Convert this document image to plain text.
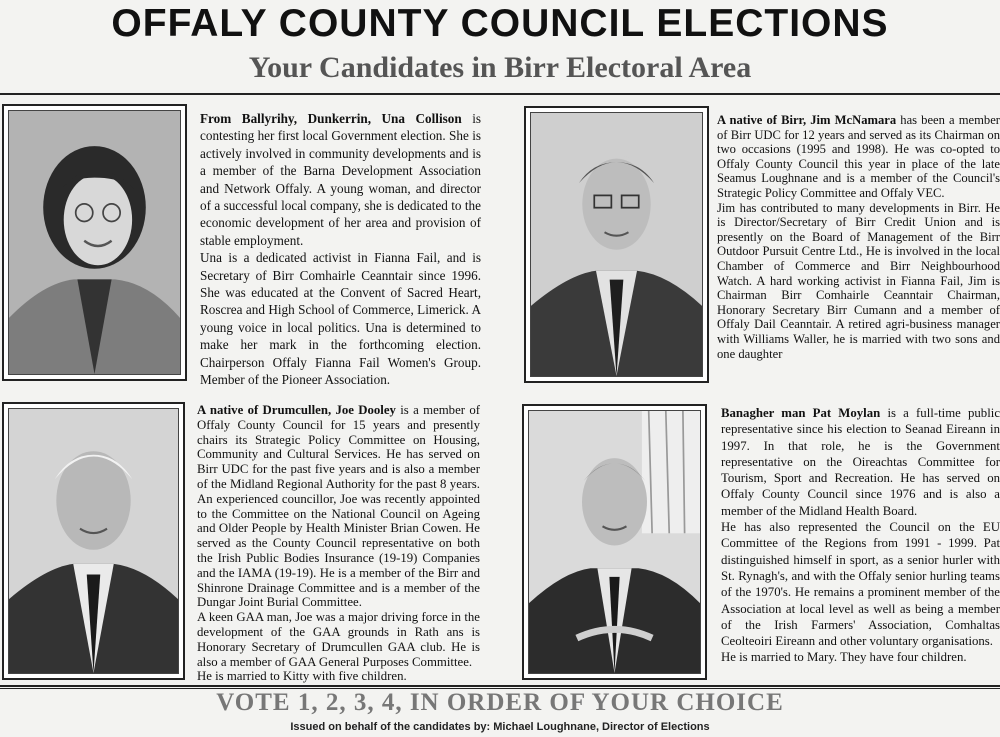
OFFALY COUNTY COUNCIL ELECTIONS
Your Candidates in Birr Electoral Area

From Ballyrihy, Dunkerrin, Una Collison is contesting her first local Government election. She is actively involved in community developments and is a member of the Barna Development Association and Network Offaly. A young woman, and director of a successful local company, she is dedicated to the economic development of her area and provision of stable employment.

Una is a dedicated activist in Fianna Fail, and is Secretary of Birr Comhairle Ceanntair since 1996. She was educated at the Convent of Sacred Heart, Roscrea and High School of Commerce, Limerick. A young voice in local politics. Una is determined to make her mark in the forthcoming election. Chairperson Offaly Fianna Fail Women's Group. Member of the Pioneer Association.

A native of Birr, Jim McNamara has been a member of Birr UDC for 12 years and served as its Chairman on two occasions (1995 and 1998). He was co-opted to Offaly County Council this year in place of the late Seamus Loughnane and is a member of the Council's Strategic Policy Committee and Offaly VEC.

Jim has contributed to many developments in Birr. He is Director/Secretary of Birr Credit Union and is presently on the Board of Management of the Birr Outdoor Pursuit Centre Ltd., He is involved in the local Chamber of Commerce and Birr Neighbourhood Watch. A hard working activist in Fianna Fail, Jim is Chairman Birr Comhairle Ceanntair Chairman, Honorary Secretary Birr Cumann and a member of Offaly Dail Ceanntair. A retired agri-business manager with Williams Waller, he is married with two sons and one daughter

A native of Drumcullen, Joe Dooley is a member of Offaly County Council for 15 years and presently chairs its Strategic Policy Committee on Housing, Community and Cultural Services. He has served on Birr UDC for the past five years and is also a member of the Midland Regional Authority for the past 8 years. An experienced councillor, Joe was recently appointed to the Committee on the National Council on Ageing and Older People by Health Minister Brian Cowen. He served as the County Council representative on both the Irish Public Bodies Insurance (19-19) Companies and the IAMA (19-19). He is a member of the Birr and Shinrone Drainage Committee and is a member of the Dungar Joint Burial Committee.

A keen GAA man, Joe was a major driving force in the development of the GAA grounds in Rath ans is Honorary Secretary of Drumcullen GAA club. He is also a member of GAA General Purposes Committee.

He is married to Kitty with five children.

Banagher man Pat Moylan is a full-time public representative since his election to Seanad Eireann in 1997. In that role, he is the Government representative on the Oireachtas Committee for Tourism, Sport and Recreation. He has served on Offaly County Council since 1976 and is also a member of the Midland Health Board.

He has also represented the Council on the EU Committee of the Regions from 1991 - 1999. Pat distinguished himself in sport, as a senior hurler with St. Rynagh's, and with the Offaly senior hurling teams of the 1970's. He remains a prominent member of the Association at local level as well as being a member of the Irish Farmers' Association, Comhaltas Ceolteoiri Eireann and other voluntary organisations.

He is married to Mary. They have four children.

VOTE 1, 2, 3, 4, IN ORDER OF YOUR CHOICE
Issued on behalf of the candidates by: Michael Loughnane, Director of Elections
